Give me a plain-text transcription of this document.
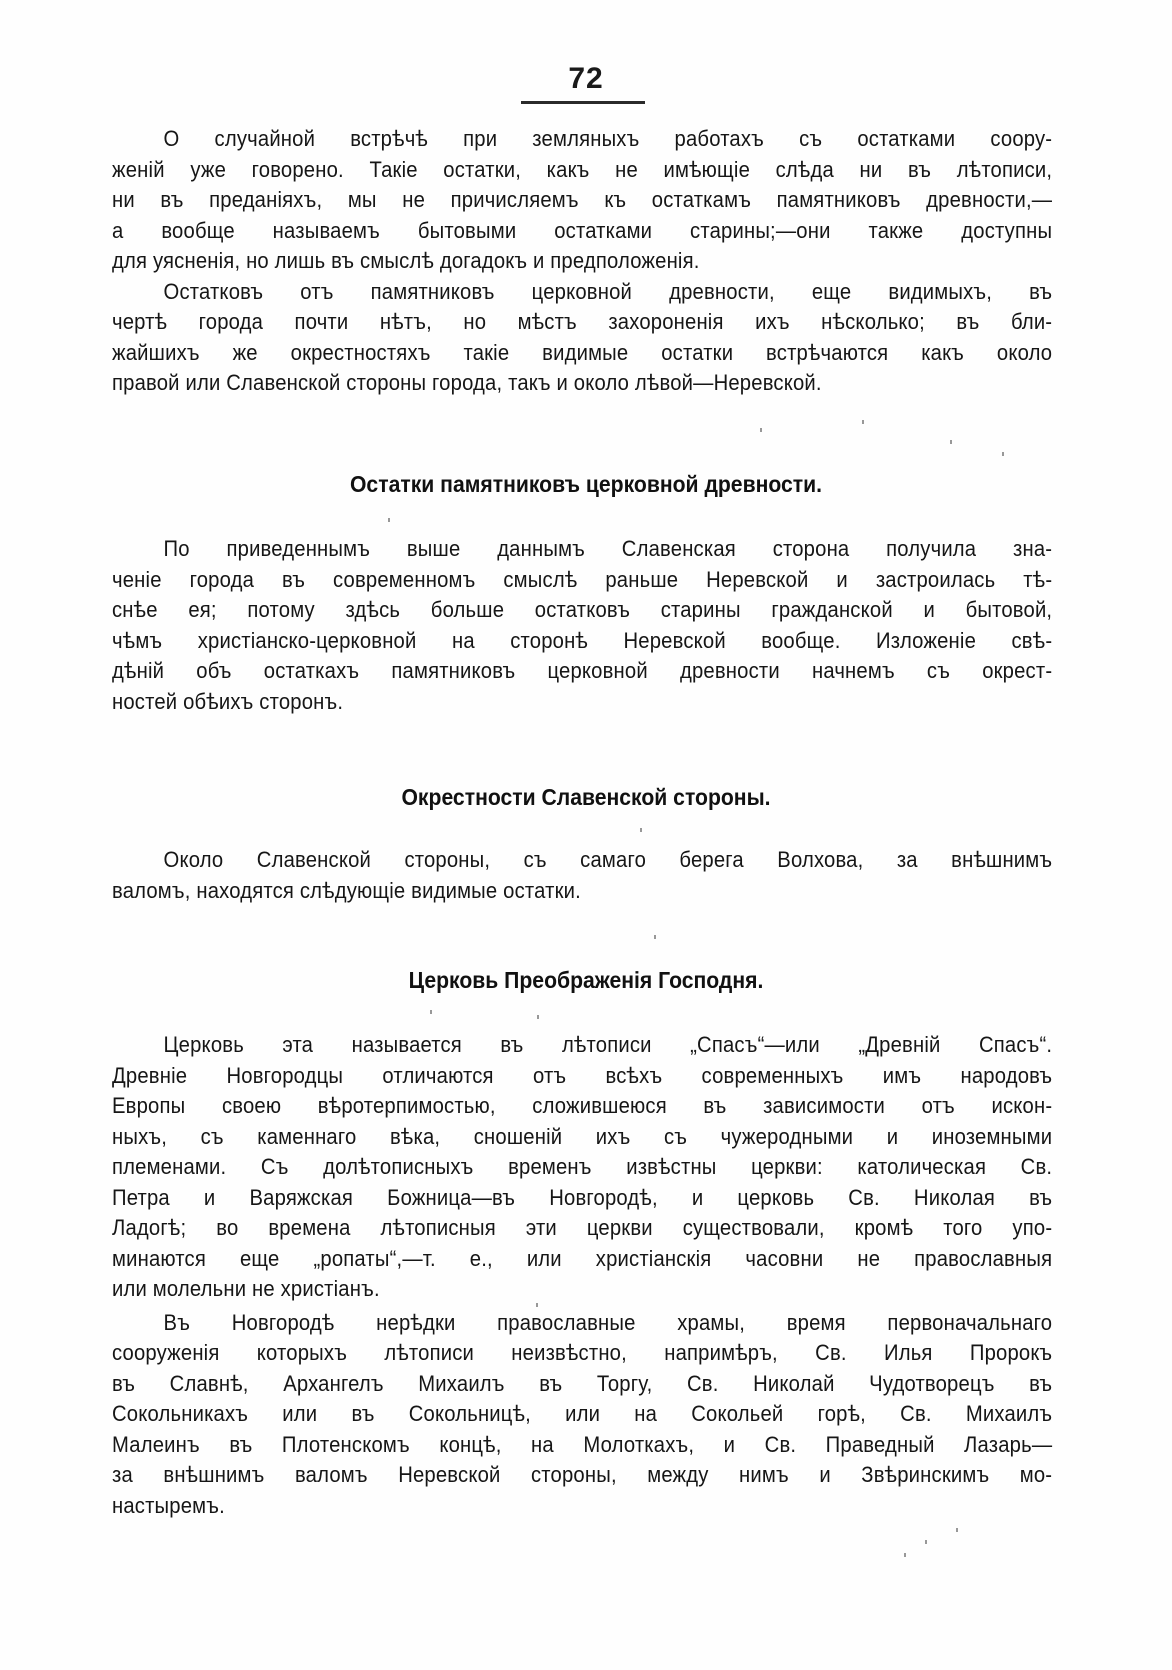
72
О случайной встрѣчѣ при земляныхъ работахъ съ остатками соору-
женій уже говорено. Такіе остатки, какъ не имѣющіе слѣда ни въ лѣтописи,
ни въ преданіяхъ, мы не причисляемъ къ остаткамъ памятниковъ древности,—
а вообще называемъ бытовыми остатками старины;—они также доступны
для уясненія, но лишь въ смыслѣ догадокъ и предположенія.
Остатковъ отъ памятниковъ церковной древности, еще видимыхъ, въ
чертѣ города почти нѣтъ, но мѣстъ захороненія ихъ нѣсколько; въ бли-
жайшихъ же окрестностяхъ такіе видимые остатки встрѣчаются какъ около
правой или Славенской стороны города, такъ и около лѣвой—Неревской.
Остатки памятниковъ церковной древности.
По приведеннымъ выше даннымъ Славенская сторона получила зна-
ченіе города въ современномъ смыслѣ раньше Неревской и застроилась тѣ-
снѣе ея; потому здѣсь больше остатковъ старины гражданской и бытовой,
чѣмъ христіанско-церковной на сторонѣ Неревской вообще. Изложеніе свѣ-
дѣній объ остаткахъ памятниковъ церковной древности начнемъ съ окрест-
ностей обѣихъ сторонъ.
Окрестности Славенской стороны.
Около Славенской стороны, съ самаго берега Волхова, за внѣшнимъ
валомъ, находятся слѣдующіе видимые остатки.
Церковь Преображенія Господня.
Церковь эта называется въ лѣтописи „Спасъ“—или „Древній Спасъ“.
Древніе Новгородцы отличаются отъ всѣхъ современныхъ имъ народовъ
Европы своею вѣротерпимостью, сложившеюся въ зависимости отъ искон-
ныхъ, съ каменнаго вѣка, сношеній ихъ съ чужеродными и иноземными
племенами. Съ долѣтописныхъ временъ извѣстны церкви: католическая Св.
Петра и Варяжская Божница—въ Новгородѣ, и церковь Св. Николая въ
Ладогѣ; во времена лѣтописныя эти церкви существовали, кромѣ того упо-
минаются еще „ропаты“,—т. е., или христіанскія часовни не православныя
или молельни не христіанъ.
Въ Новгородѣ нерѣдки православные храмы, время первоначальнаго
сооруженія которыхъ лѣтописи неизвѣстно, напримѣръ, Св. Илья Пророкъ
въ Славнѣ, Архангелъ Михаилъ въ Торгу, Св. Николай Чудотворецъ въ
Сокольникахъ или въ Сокольницѣ, или на Сокольей горѣ, Св. Михаилъ
Малеинъ въ Плотенскомъ концѣ, на Молоткахъ, и Св. Праведный Лазарь—
за внѣшнимъ валомъ Неревской стороны, между нимъ и Звѣринскимъ мо-
настыремъ.
